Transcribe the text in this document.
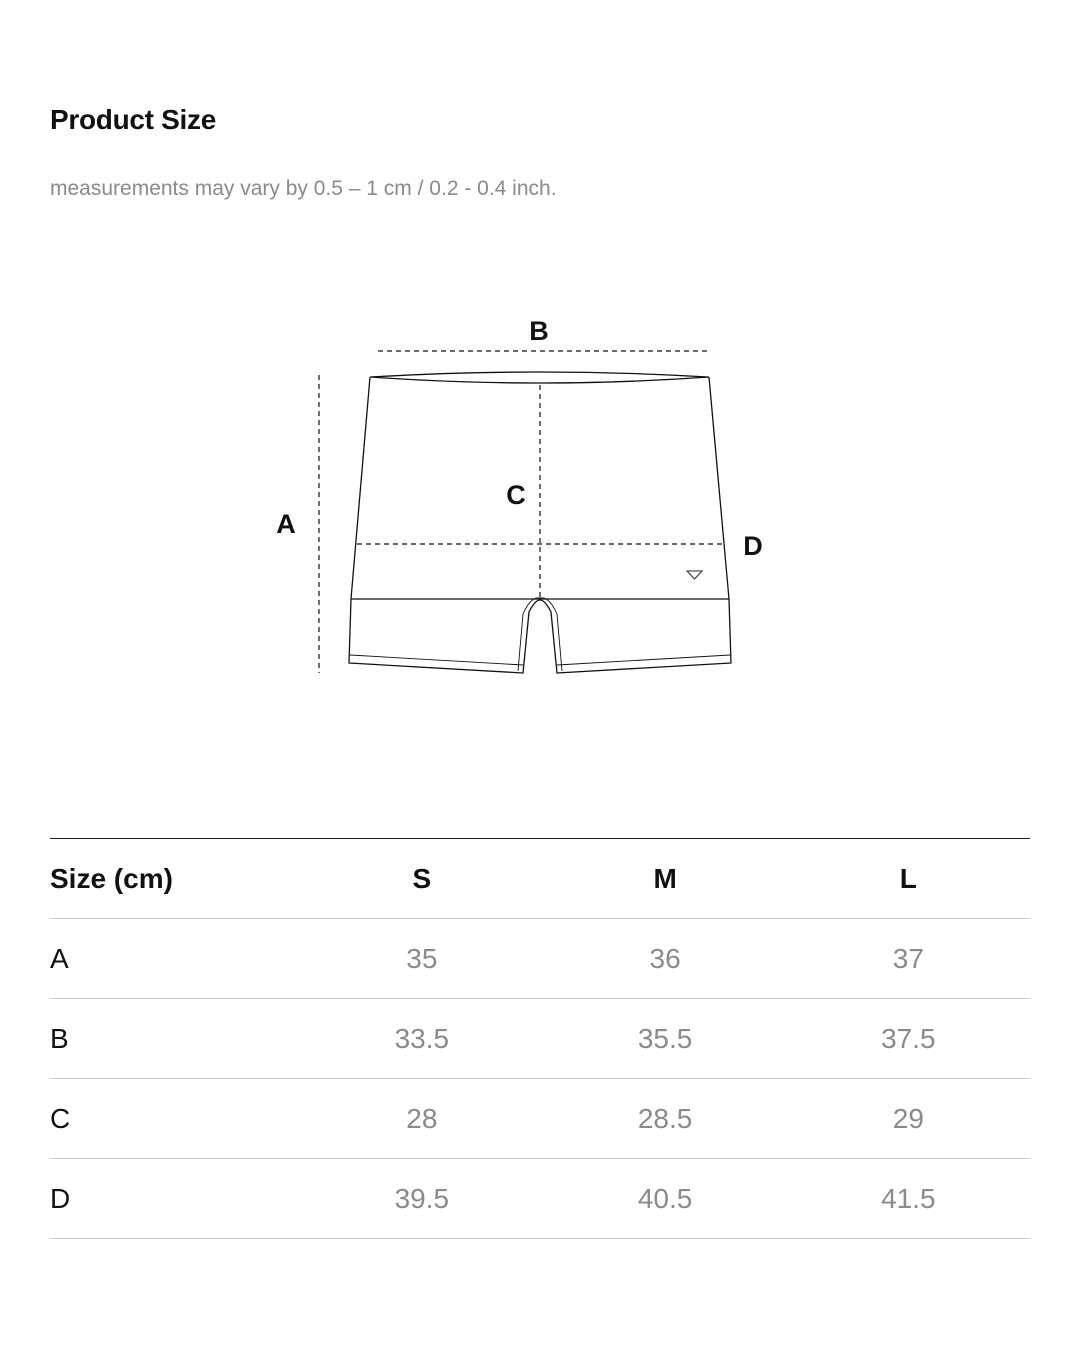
Product Size

measurements may vary by 0.5 – 1 cm / 0.2 - 0.4 inch.

A
B
C
D
Size (cm)	S	M	L
A	35	36	37
B	33.5	35.5	37.5
C	28	28.5	29
D	39.5	40.5	41.5
